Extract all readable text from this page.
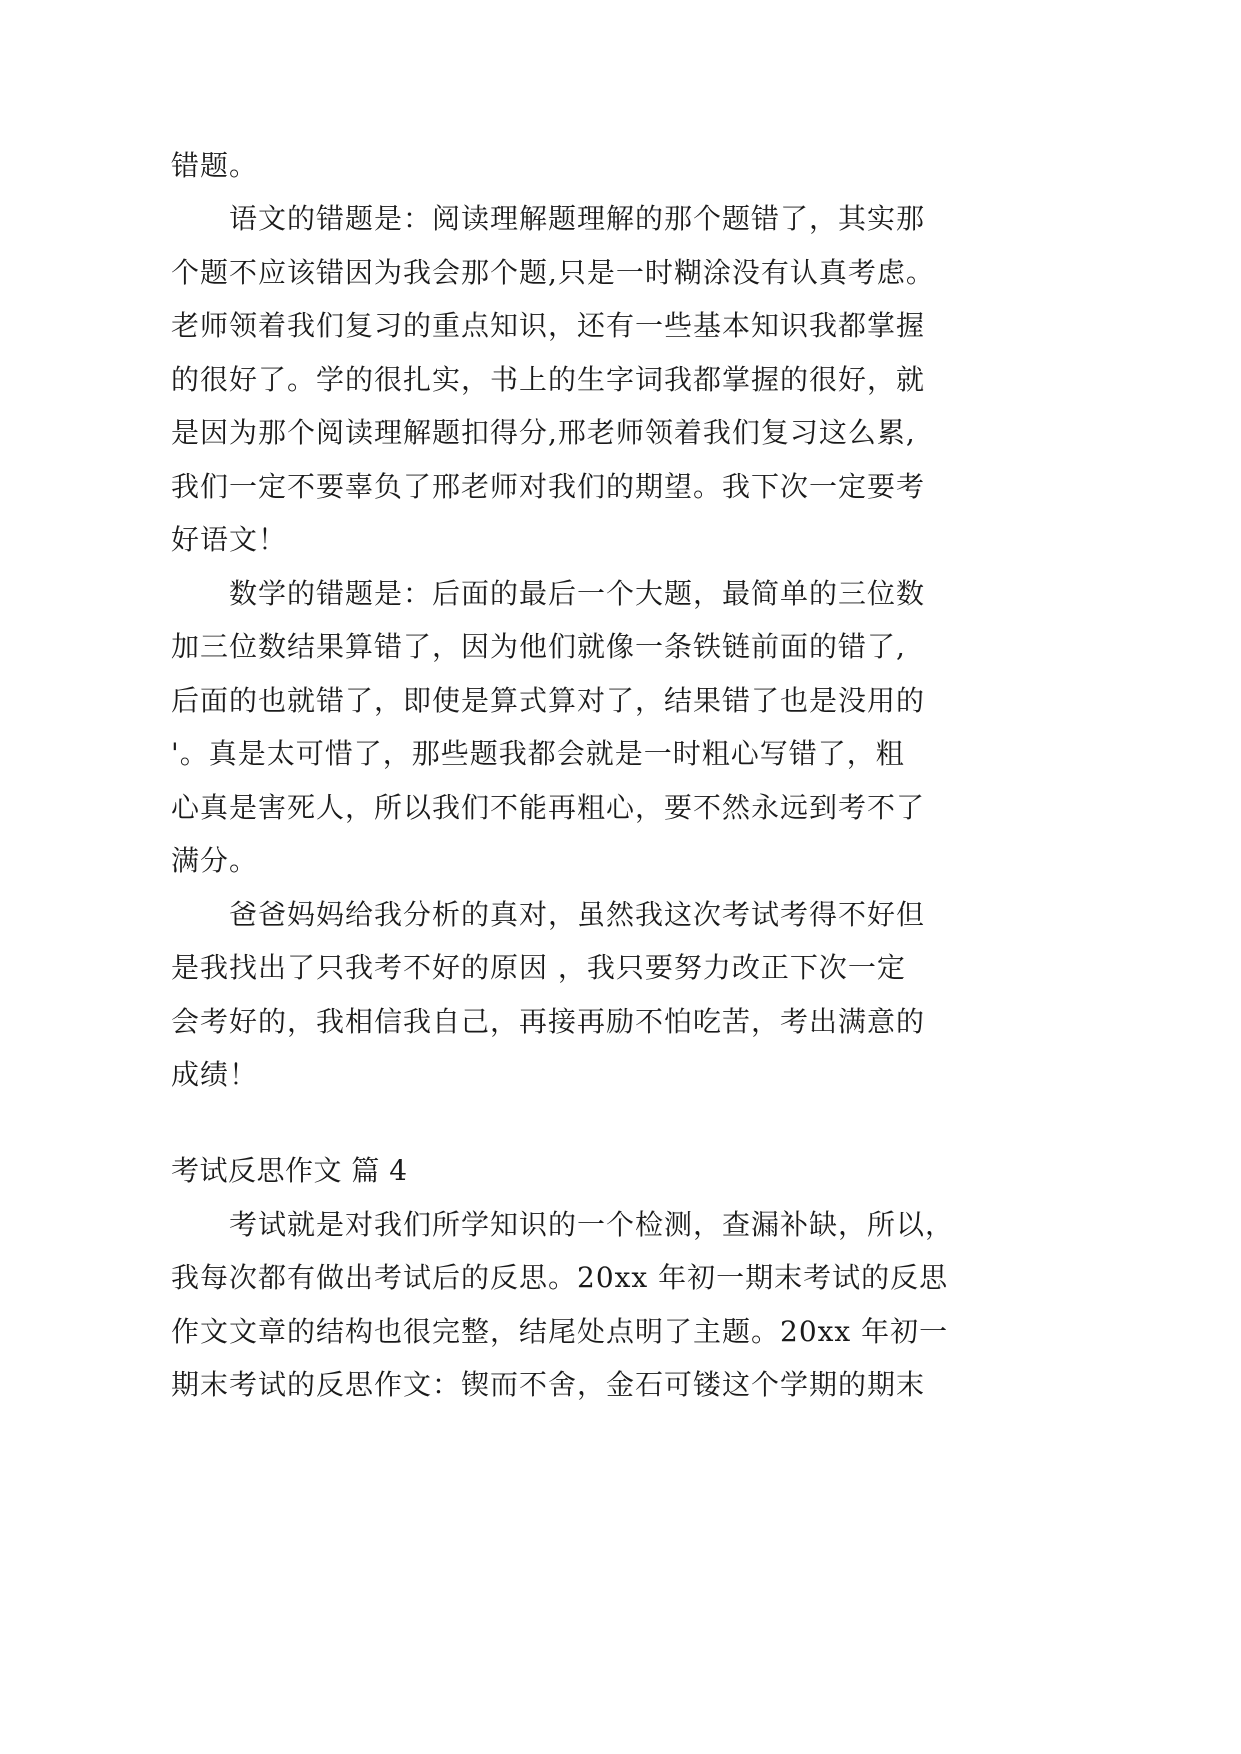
错题。
语文的错题是：阅读理解题理解的那个题错了，其实那
个题不应该错因为我会那个题,只是一时糊涂没有认真考虑。
老师领着我们复习的重点知识，还有一些基本知识我都掌握
的很好了。学的很扎实，书上的生字词我都掌握的很好，就
是因为那个阅读理解题扣得分,邢老师领着我们复习这么累,
我们一定不要辜负了邢老师对我们的期望。我下次一定要考
好语文！
数学的错题是：后面的最后一个大题，最简单的三位数
加三位数结果算错了，因为他们就像一条铁链前面的错了,
后面的也就错了，即使是算式算对了，结果错了也是没用的
'。真是太可惜了，那些题我都会就是一时粗心写错了，粗
心真是害死人，所以我们不能再粗心，要不然永远到考不了
满分。
爸爸妈妈给我分析的真对，虽然我这次考试考得不好但
是我找出了只我考不好的原因 ，我只要努力改正下次一定
会考好的，我相信我自己，再接再励不怕吃苦，考出满意的
成绩！
考试反思作文 篇 4
考试就是对我们所学知识的一个检测，查漏补缺，所以，
我每次都有做出考试后的反思。20xx 年初一期末考试的反思
作文文章的结构也很完整，结尾处点明了主题。20xx 年初一
期末考试的反思作文：锲而不舍，金石可镂这个学期的期末
